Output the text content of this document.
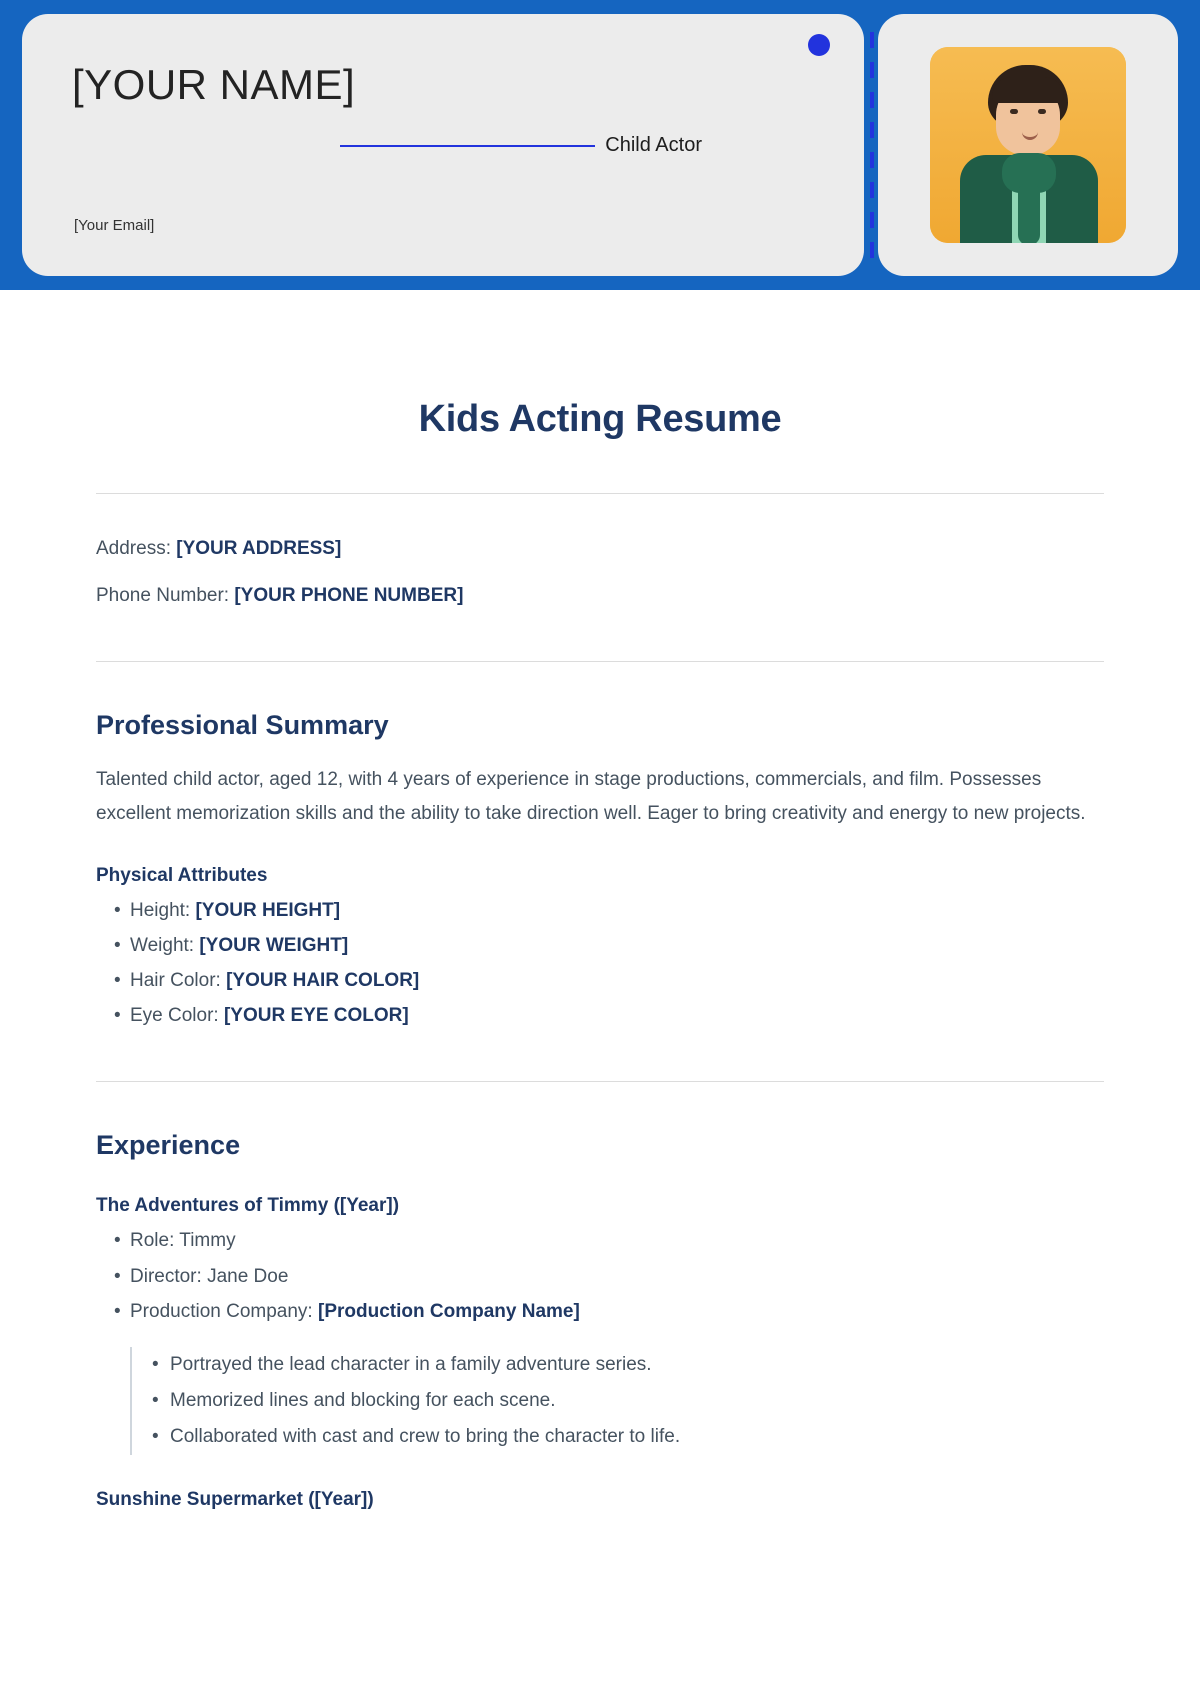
[YOUR NAME]
Child Actor
[Your Email]
Kids Acting Resume
Address: [YOUR ADDRESS]
Phone Number: [YOUR PHONE NUMBER]
Professional Summary

Talented child actor, aged 12, with 4 years of experience in stage productions, commercials, and film. Possesses excellent memorization skills and the ability to take direction well. Eager to bring creativity and energy to new projects.

Physical Attributes
• Height: [YOUR HEIGHT]
• Weight: [YOUR WEIGHT]
• Hair Color: [YOUR HAIR COLOR]
• Eye Color: [YOUR EYE COLOR]
Experience
The Adventures of Timmy ([Year])
• Role: Timmy
• Director: Jane Doe
• Production Company: [Production Company Name]
• Portrayed the lead character in a family adventure series.
• Memorized lines and blocking for each scene.
• Collaborated with cast and crew to bring the character to life.
Sunshine Supermarket ([Year])
